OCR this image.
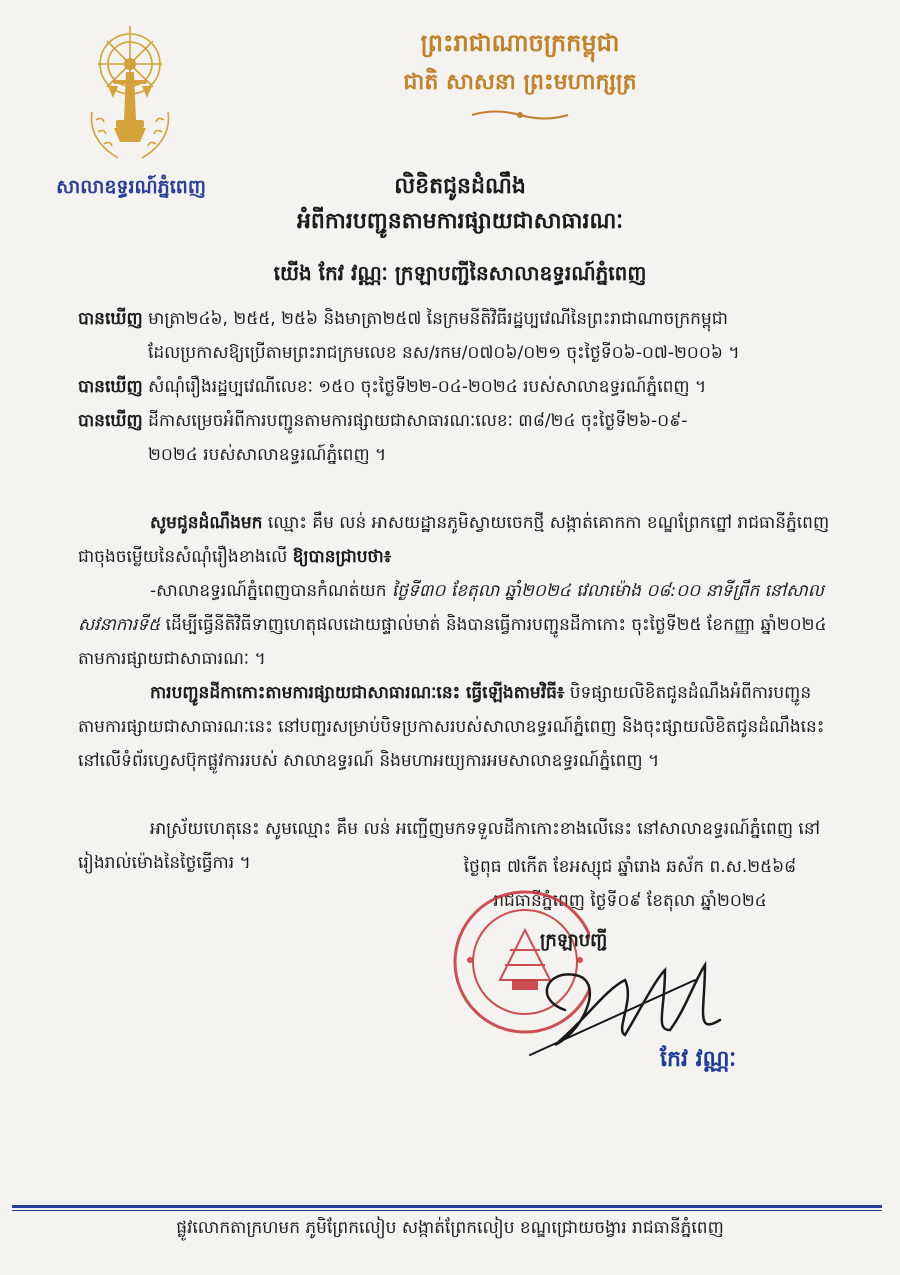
សាលាឧទ្ធរណ៍ភ្នំពេញ
ព្រះរាជាណាចក្រកម្ពុជា
ជាតិ សាសនា ព្រះមហាក្សត្រ
លិខិតជូនដំណឹង
អំពីការបញ្ជូនតាមការផ្សាយជាសាធារណៈ
យើង កែវ វណ្ណៈ ក្រឡាបញ្ជីនៃសាលាឧទ្ធរណ៍ភ្នំពេញ
បានឃើញ មាត្រា២៤៦, ២៥៥, ២៥៦ និងមាត្រា២៥៧ នៃក្រមនីតិវិធីរដ្ឋប្បវេណីនៃព្រះរាជាណាចក្រកម្ពុជា
ដែលប្រកាសឱ្យប្រើតាមព្រះរាជក្រមលេខ នស/រកម/០៧០៦/០២១ ចុះថ្ងៃទី០៦-០៧-២០០៦ ។
បានឃើញ សំណុំរឿងរដ្ឋប្បវេណីលេខៈ ១៥០ ចុះថ្ងៃទី២២-០៤-២០២៤ របស់សាលាឧទ្ធរណ៍ភ្នំពេញ ។
បានឃើញ ដីកាសម្រេចអំពីការបញ្ជូនតាមការផ្សាយជាសាធារណៈលេខៈ ៣៨/២៤ ចុះថ្ងៃទី២៦-០៩-
២០២៤ របស់សាលាឧទ្ធរណ៍ភ្នំពេញ ។
សូមជូនដំណឹងមក ឈ្មោះ គឹម លន់ អាសយដ្ឋានភូមិស្វាយចេកថ្មី សង្កាត់គោកកា ខណ្ឌព្រែកព្នៅ រាជធានីភ្នំពេញ ជាចុងចម្លើយនៃសំណុំរឿងខាងលើ ឱ្យបានជ្រាបថា៖
-សាលាឧទ្ធរណ៍ភ្នំពេញបានកំណត់យក ថ្ងៃទី៣០ ខែតុលា ឆ្នាំ២០២៤ វេលាម៉ោង ០៨:០០ នាទីព្រឹក នៅសាលសវនាការទី៥ ដើម្បីធ្វើនីតិវិធីទាញហេតុផលដោយផ្ទាល់មាត់ និងបានធ្វើការបញ្ជូនដីកាកោះ ចុះថ្ងៃទី២៥ ខែកញ្ញា ឆ្នាំ២០២៤ តាមការផ្សាយជាសាធារណៈ ។
ការបញ្ជូនដីកាកោះតាមការផ្សាយជាសាធារណៈនេះ ធ្វើឡើងតាមវិធី៖ បិទផ្សាយលិខិតជូនដំណឹងអំពីការបញ្ជូនតាមការផ្សាយជាសាធារណៈនេះ នៅបញ្ជរសម្រាប់បិទប្រកាសរបស់សាលាឧទ្ធរណ៍ភ្នំពេញ និងចុះផ្សាយលិខិតជូនដំណឹងនេះនៅលើទំព័រហ្វេសប៊ុកផ្លូវការរបស់ សាលាឧទ្ធរណ៍ និងមហាអយ្យការអមសាលាឧទ្ធរណ៍ភ្នំពេញ ។
អាស្រ័យហេតុនេះ សូមឈ្មោះ គឹម លន់ អញ្ជើញមកទទួលដីកាកោះខាងលើនេះ នៅសាលាឧទ្ធរណ៍ភ្នំពេញ នៅរៀងរាល់ម៉ោងនៃថ្ងៃធ្វើការ ។	ថ្ងៃពុធ ៧កើត ខែអស្សុជ ឆ្នាំរោង ឆស័ក ព.ស.២៥៦៨
រាជធានីភ្នំពេញ ថ្ងៃទី០៩ ខែតុលា ឆ្នាំ២០២៤
ក្រឡាបញ្ជី
កែវ វណ្ណៈ
ផ្លូវលោកតាក្រហមក ភូមិព្រែកលៀប សង្កាត់ព្រែកលៀប ខណ្ឌជ្រោយចង្វារ រាជធានីភ្នំពេញ
